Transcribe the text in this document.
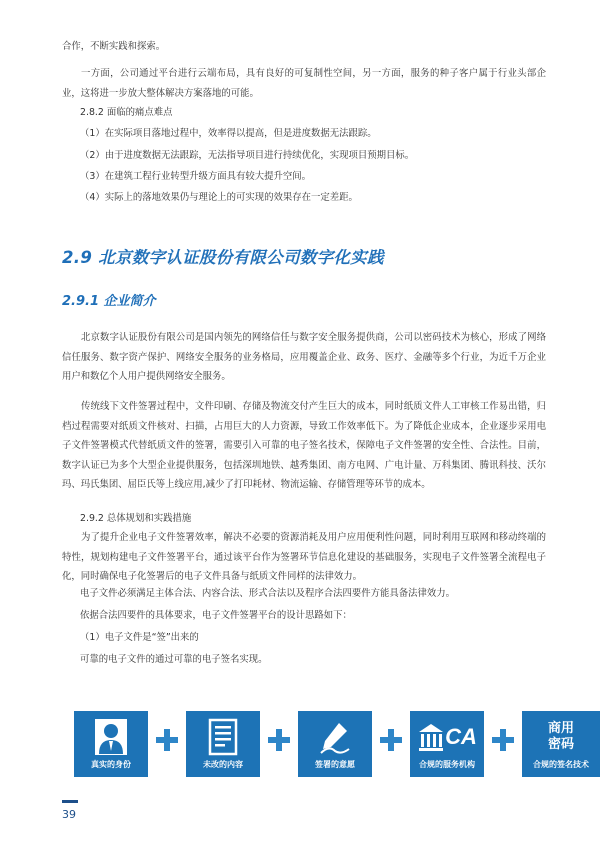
合作，不断实践和探索。

一方面，公司通过平台进行云端布局，具有良好的可复制性空间，另一方面，服务的种子客户属于行业头部企业，这将进一步放大整体解决方案落地的可能。

2.8.2 面临的痛点难点

（1）在实际项目落地过程中，效率得以提高，但是进度数据无法跟踪。

（2）由于进度数据无法跟踪，无法指导项目进行持续优化，实现项目预期目标。

（3）在建筑工程行业转型升级方面具有较大提升空间。

（4）实际上的落地效果仍与理论上的可实现的效果存在一定差距。

2.9 北京数字认证股份有限公司数字化实践
2.9.1 企业简介

北京数字认证股份有限公司是国内领先的网络信任与数字安全服务提供商，公司以密码技术为核心，形成了网络信任服务、数字资产保护、网络安全服务的业务格局，应用覆盖企业、政务、医疗、金融等多个行业，为近千万企业用户和数亿个人用户提供网络安全服务。

传统线下文件签署过程中，文件印刷、存储及物流交付产生巨大的成本，同时纸质文件人工审核工作易出错，归档过程需要对纸质文件核对、扫描，占用巨大的人力资源，导致工作效率低下。为了降低企业成本，企业逐步采用电子文件签署模式代替纸质文件的签署，需要引入可靠的电子签名技术，保障电子文件签署的安全性、合法性。目前，数字认证已为多个大型企业提供服务，包括深圳地铁、越秀集团、南方电网、广电计量、万科集团、腾讯科技、沃尔玛、玛氏集团、屈臣氏等上线应用,减少了打印耗材、物流运输、存储管理等环节的成本。

2.9.2 总体规划和实践措施

为了提升企业电子文件签署效率，解决不必要的资源消耗及用户应用便利性问题，同时利用互联网和移动终端的特性，规划构建电子文件签署平台，通过该平台作为签署环节信息化建设的基础服务，实现电子文件签署全流程电子化，同时确保电子化签署后的电子文件具备与纸质文件同样的法律效力。

电子文件必须满足主体合法、内容合法、形式合法以及程序合法四要件方能具备法律效力。

依据合法四要件的具体要求，电子文件签署平台的设计思路如下：

（1）电子文件是“签”出来的

可靠的电子文件的通过可靠的电子签名实现。

真实的身份	未改的内容	签署的意愿
CA
合规的服务机构
商用
密码
合规的签名技术
39
